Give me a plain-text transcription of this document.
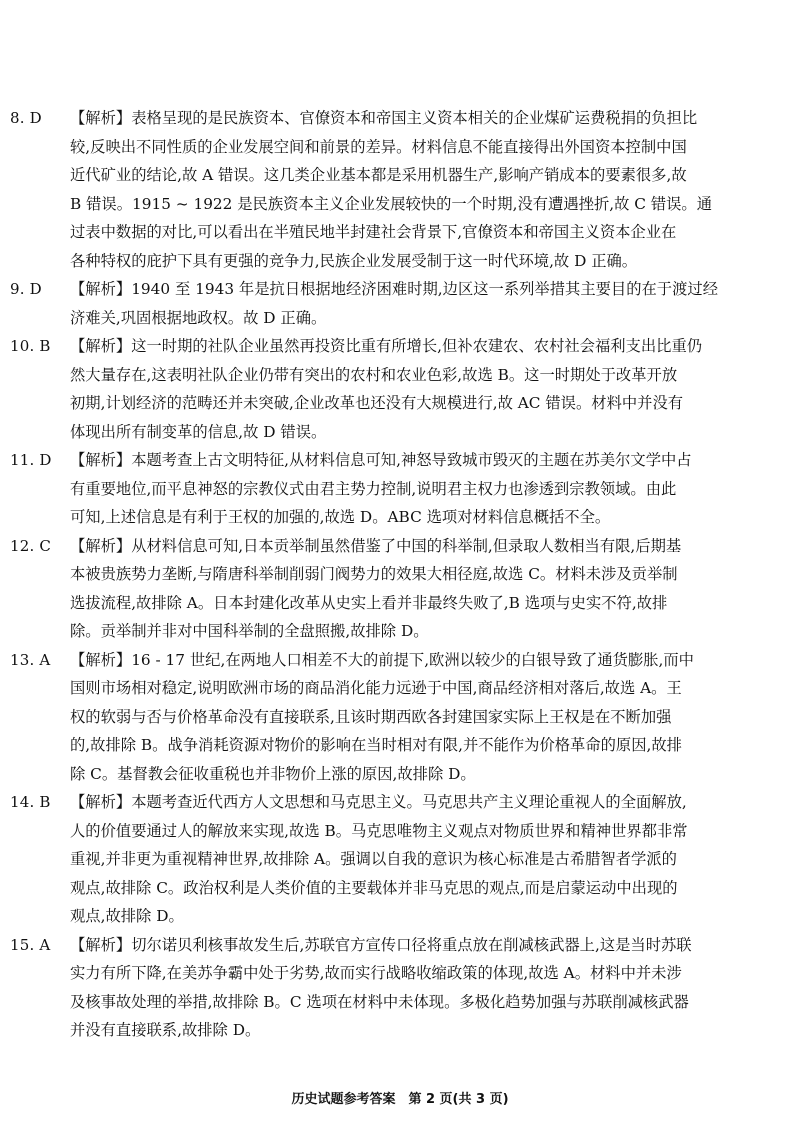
8. D	【解析】表格呈现的是民族资本、官僚资本和帝国主义资本相关的企业煤矿运费税捐的负担比
较,反映出不同性质的企业发展空间和前景的差异。材料信息不能直接得出外国资本控制中国
近代矿业的结论,故 A 错误。这几类企业基本都是采用机器生产,影响产销成本的要素很多,故
B 错误。1915 ~ 1922 是民族资本主义企业发展较快的一个时期,没有遭遇挫折,故 C 错误。通
过表中数据的对比,可以看出在半殖民地半封建社会背景下,官僚资本和帝国主义资本企业在
各种特权的庇护下具有更强的竞争力,民族企业发展受制于这一时代环境,故 D 正确。
9. D	【解析】1940 至 1943 年是抗日根据地经济困难时期,边区这一系列举措其主要目的在于渡过经
济难关,巩固根据地政权。故 D 正确。
10. B	【解析】这一时期的社队企业虽然再投资比重有所增长,但补农建农、农村社会福利支出比重仍
然大量存在,这表明社队企业仍带有突出的农村和农业色彩,故选 B。这一时期处于改革开放
初期,计划经济的范畴还并未突破,企业改革也还没有大规模进行,故 AC 错误。材料中并没有
体现出所有制变革的信息,故 D 错误。
11. D	【解析】本题考查上古文明特征,从材料信息可知,神怒导致城市毁灭的主题在苏美尔文学中占
有重要地位,而平息神怒的宗教仪式由君主势力控制,说明君主权力也渗透到宗教领域。由此
可知,上述信息是有利于王权的加强的,故选 D。ABC 选项对材料信息概括不全。
12. C	【解析】从材料信息可知,日本贡举制虽然借鉴了中国的科举制,但录取人数相当有限,后期基
本被贵族势力垄断,与隋唐科举制削弱门阀势力的效果大相径庭,故选 C。材料未涉及贡举制
选拔流程,故排除 A。日本封建化改革从史实上看并非最终失败了,B 选项与史实不符,故排
除。贡举制并非对中国科举制的全盘照搬,故排除 D。
13. A	【解析】16 - 17 世纪,在两地人口相差不大的前提下,欧洲以较少的白银导致了通货膨胀,而中
国则市场相对稳定,说明欧洲市场的商品消化能力远逊于中国,商品经济相对落后,故选 A。王
权的软弱与否与价格革命没有直接联系,且该时期西欧各封建国家实际上王权是在不断加强
的,故排除 B。战争消耗资源对物价的影响在当时相对有限,并不能作为价格革命的原因,故排
除 C。基督教会征收重税也并非物价上涨的原因,故排除 D。
14. B	【解析】本题考查近代西方人文思想和马克思主义。马克思共产主义理论重视人的全面解放,
人的价值要通过人的解放来实现,故选 B。马克思唯物主义观点对物质世界和精神世界都非常
重视,并非更为重视精神世界,故排除 A。强调以自我的意识为核心标准是古希腊智者学派的
观点,故排除 C。政治权利是人类价值的主要载体并非马克思的观点,而是启蒙运动中出现的
观点,故排除 D。
15. A	【解析】切尔诺贝利核事故发生后,苏联官方宣传口径将重点放在削减核武器上,这是当时苏联
实力有所下降,在美苏争霸中处于劣势,故而实行战略收缩政策的体现,故选 A。材料中并未涉
及核事故处理的举措,故排除 B。C 选项在材料中未体现。多极化趋势加强与苏联削减核武器
并没有直接联系,故排除 D。
历史试题参考答案　第 2 页(共 3 页)
